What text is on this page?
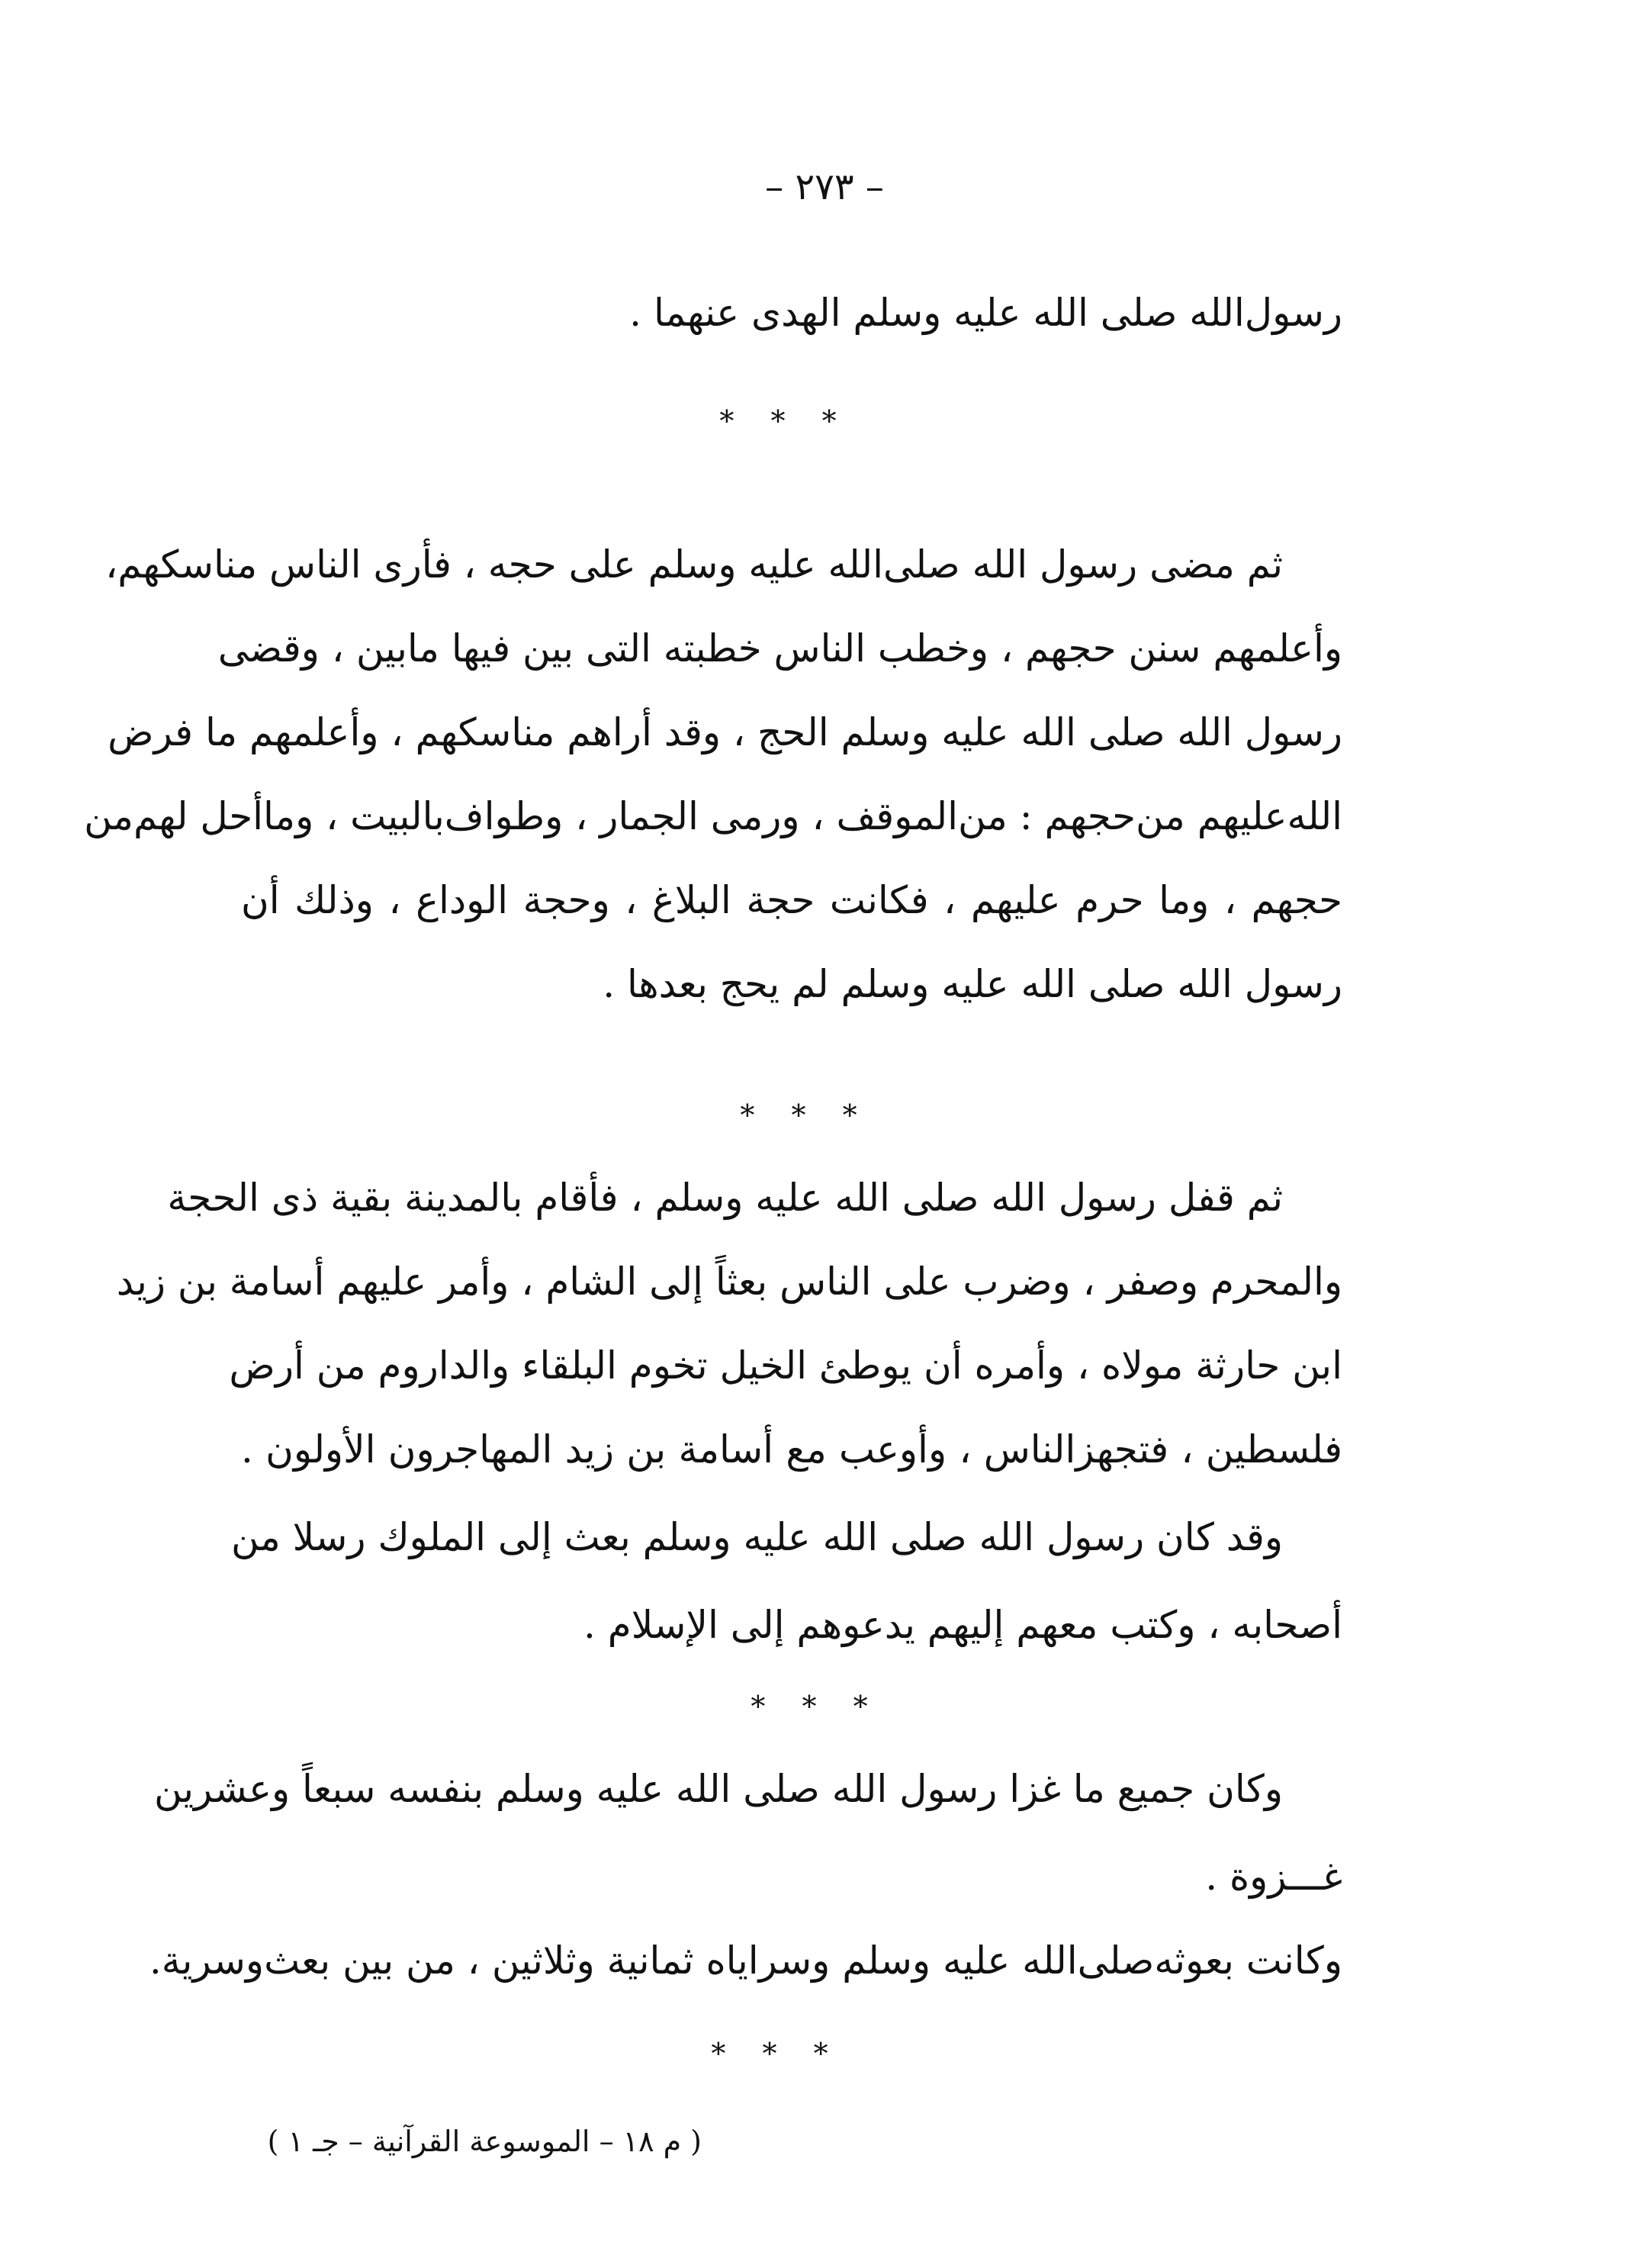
– ٢٧٣ –
رسول‌الله صلى الله عليه وسلم الهدى عنهما .
* * *
ثم مضى رسول الله صلى‌الله عليه وسلم على حجه ، فأرى الناس مناسكهم،
وأعلمهم سنن حجهم ، وخطب الناس خطبته التى بين فيها مابين ، وقضى
رسول الله صلى الله عليه وسلم الحج ، وقد أراهم مناسكهم ، وأعلمهم ما فرض
الله‌عليهم من‌حجهم : من‌الموقف ، ورمى الجمار ، وطواف‌بالبيت ، وماأحل لهم‌من
حجهم ، وما حرم عليهم ، فكانت حجة البلاغ ، وحجة الوداع ، وذلك أن
رسول الله صلى الله عليه وسلم لم يحج بعدها .
* * *
ثم قفل رسول الله صلى الله عليه وسلم ، فأقام بالمدينة بقية ذى الحجة
والمحرم وصفر ، وضرب على الناس بعثاً إلى الشام ، وأمر عليهم أسامة بن زيد
ابن حارثة مولاه ، وأمره أن يوطئ الخيل تخوم البلقاء والداروم من أرض
فلسطين ، فتجهزالناس ، وأوعب مع أسامة بن زيد المهاجرون الأولون .
وقد كان رسول الله صلى الله عليه وسلم بعث إلى الملوك رسلا من
أصحابه ، وكتب معهم إليهم يدعوهم إلى الإسلام .
* * *
وكان جميع ما غزا رسول الله صلى الله عليه وسلم بنفسه سبعاً وعشرين
غـــزوة .
وكانت بعوثه‌صلى‌الله عليه وسلم وسراياه ثمانية وثلاثين ، من بين بعث‌وسرية.
* * *
( م ١٨ – الموسوعة القرآنية – جـ ١ )
